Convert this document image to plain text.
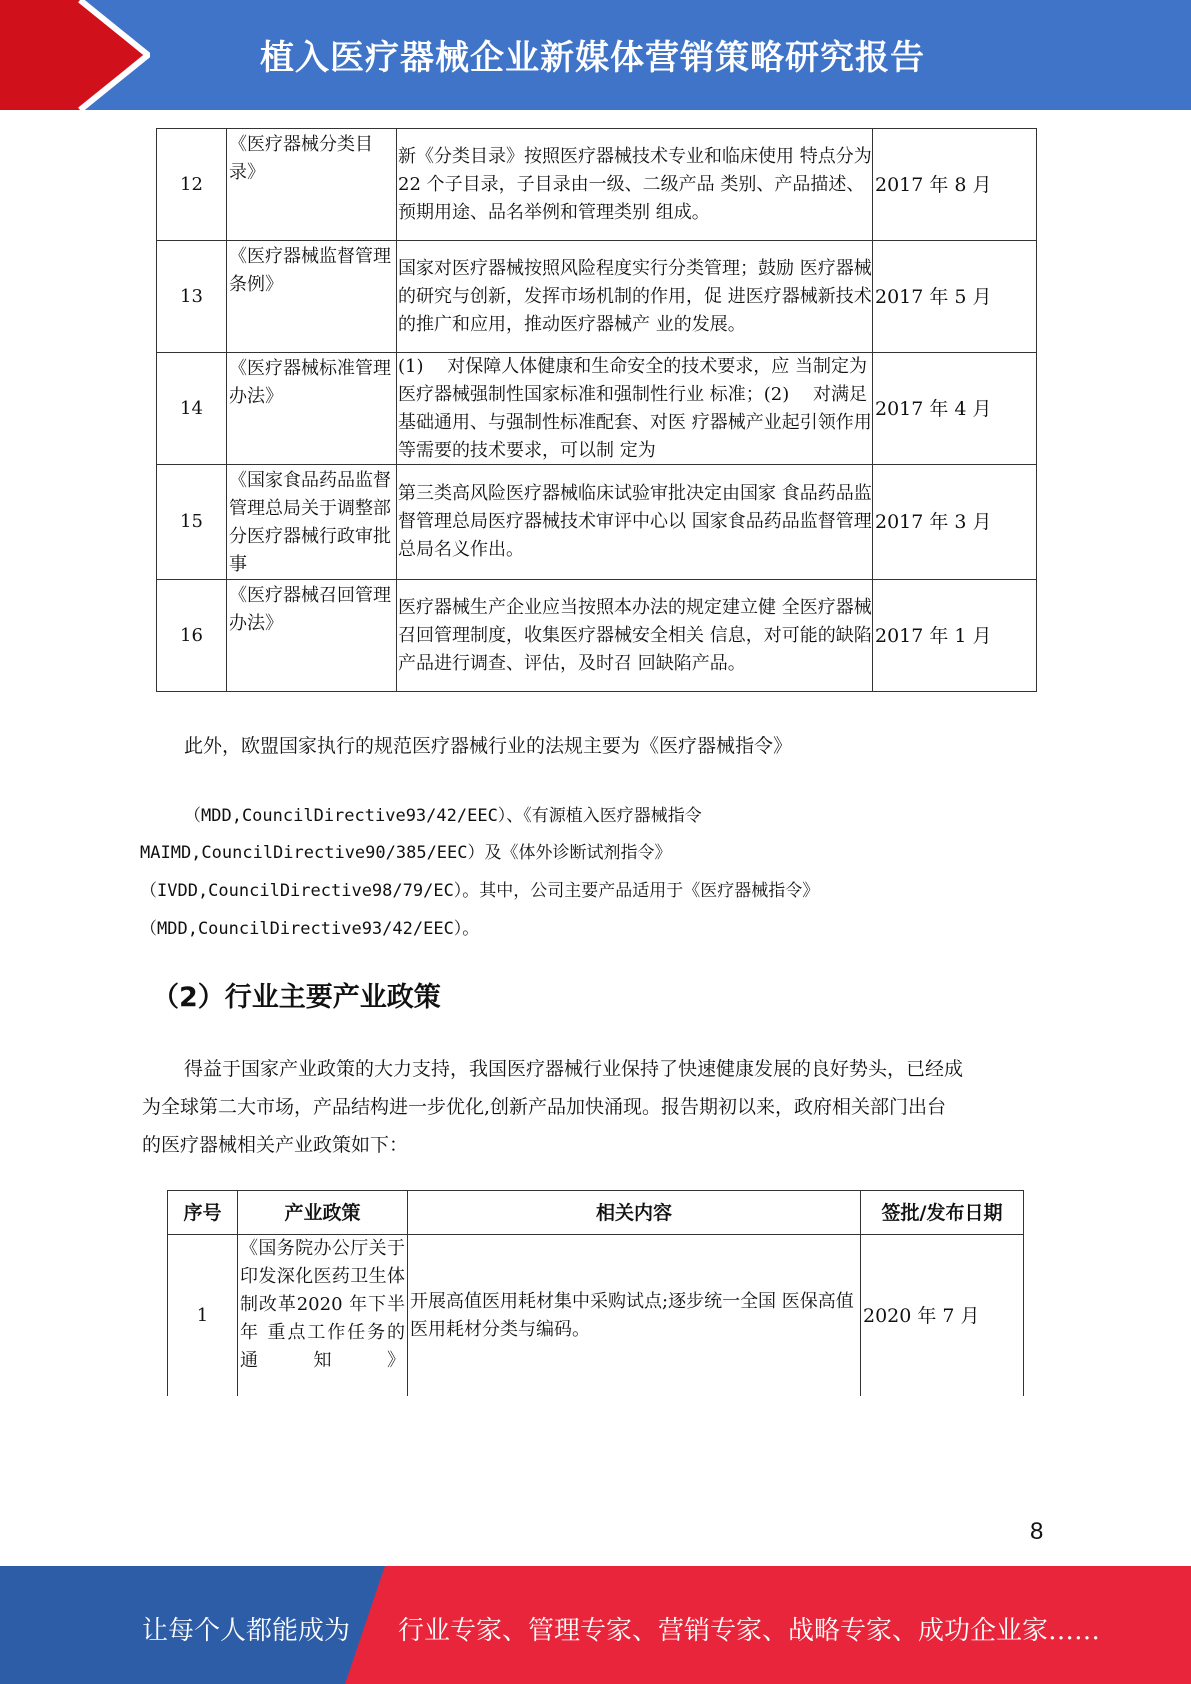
植入医疗器械企业新媒体营销策略研究报告
12	《医疗器械分类目录》	新《分类目录》按照医疗器械技术专业和临床使用 特点分为 22 个子目录，子目录由一级、二级产品 类别、产品描述、预期用途、品名举例和管理类别 组成。	2017 年 8 月
13	《医疗器械监督管理条例》	国家对医疗器械按照风险程度实行分类管理；鼓励 医疗器械的研究与创新，发挥市场机制的作用，促 进医疗器械新技术的推广和应用，推动医疗器械产 业的发展。	2017 年 5 月
14	《医疗器械标准管理办法》	(1)　 对保障人体健康和生命安全的技术要求，应 当制定为医疗器械强制性国家标准和强制性行业 标准；(2)　 对满足基础通用、与强制性标准配套、对医 疗器械产业起引领作用等需要的技术要求，可以制 定为	2017 年 4 月
15	《国家食品药品监督管理总局关于调整部分医疗器械行政审批事	第三类高风险医疗器械临床试验审批决定由国家 食品药品监督管理总局医疗器械技术审评中心以 国家食品药品监督管理总局名义作出。	2017 年 3 月
16	《医疗器械召回管理办法》	医疗器械生产企业应当按照本办法的规定建立健 全医疗器械召回管理制度，收集医疗器械安全相关 信息，对可能的缺陷产品进行调查、评估，及时召 回缺陷产品。	2017 年 1 月
此外，欧盟国家执行的规范医疗器械行业的法规主要为《医疗器械指令》
（MDD,CouncilDirective93/42/EEC）、《有源植入医疗器械指令
MAIMD,CouncilDirective90/385/EEC）及《体外诊断试剂指令》
（IVDD,CouncilDirective98/79/EC）。其中，公司主要产品适用于《医疗器械指令》
（MDD,CouncilDirective93/42/EEC）。
（2）行业主要产业政策
得益于国家产业政策的大力支持，我国医疗器械行业保持了快速健康发展的良好势头，已经成
为全球第二大市场，产品结构进一步优化,创新产品加快涌现。报告期初以来，政府相关部门出台
的医疗器械相关产业政策如下：
序号	产业政策	相关内容	签批/发布日期
1	《国务院办公厅关于印发深化医药卫生体制改革2020 年下半年 重点工作任务的 通知》	开展高值医用耗材集中采购试点;逐步统一全国 医保高值医用耗材分类与编码。	2020 年 7 月
8
让每个人都能成为 行业专家、管理专家、营销专家、战略专家、成功企业家……
